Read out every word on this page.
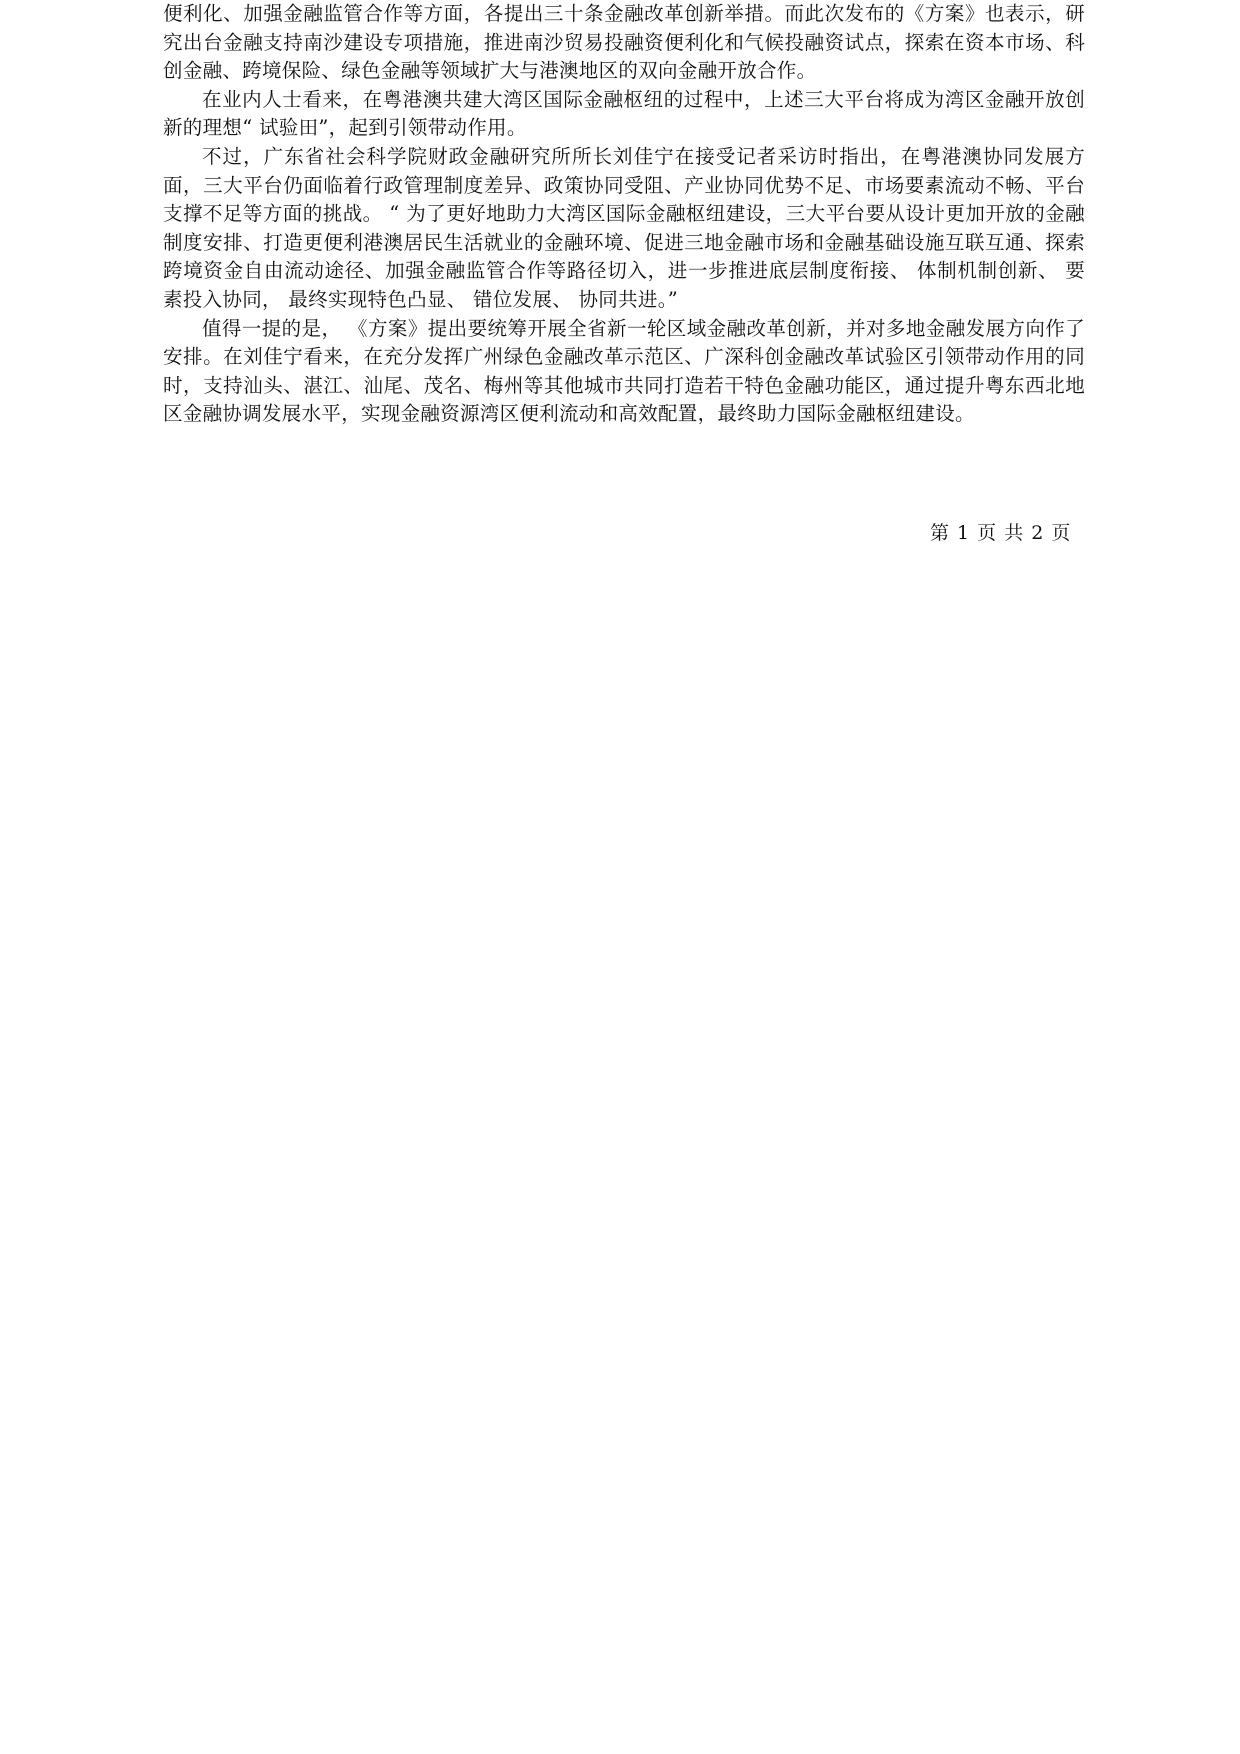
便利化、加强金融监管合作等方面，各提出三十条金融改革创新举措。而此次发布的《方案》也表示，研究出台金融支持南沙建设专项措施，推进南沙贸易投融资便利化和气候投融资试点，探索在资本市场、科创金融、跨境保险、绿色金融等领域扩大与港澳地区的双向金融开放合作。

在业内人士看来，在粤港澳共建大湾区国际金融枢纽的过程中，上述三大平台将成为湾区金融开放创新的理想“ 试验田”，起到引领带动作用。

不过，广东省社会科学院财政金融研究所所长刘佳宁在接受记者采访时指出，在粤港澳协同发展方面，三大平台仍面临着行政管理制度差异、政策协同受阻、产业协同优势不足、市场要素流动不畅、平台支撑不足等方面的挑战。 “ 为了更好地助力大湾区国际金融枢纽建设，三大平台要从设计更加开放的金融制度安排、打造更便利港澳居民生活就业的金融环境、促进三地金融市场和金融基础设施互联互通、探索跨境资金自由流动途径、加强金融监管合作等路径切入，进一步推进底层制度衔接、 体制机制创新、 要素投入协同， 最终实现特色凸显、 错位发展、 协同共进。”

值得一提的是， 《方案》提出要统筹开展全省新一轮区域金融改革创新，并对多地金融发展方向作了安排。在刘佳宁看来，在充分发挥广州绿色金融改革示范区、广深科创金融改革试验区引领带动作用的同时，支持汕头、湛江、汕尾、茂名、梅州等其他城市共同打造若干特色金融功能区，通过提升粤东西北地区金融协调发展水平，实现金融资源湾区便利流动和高效配置，最终助力国际金融枢纽建设。

第 1 页 共 2 页
